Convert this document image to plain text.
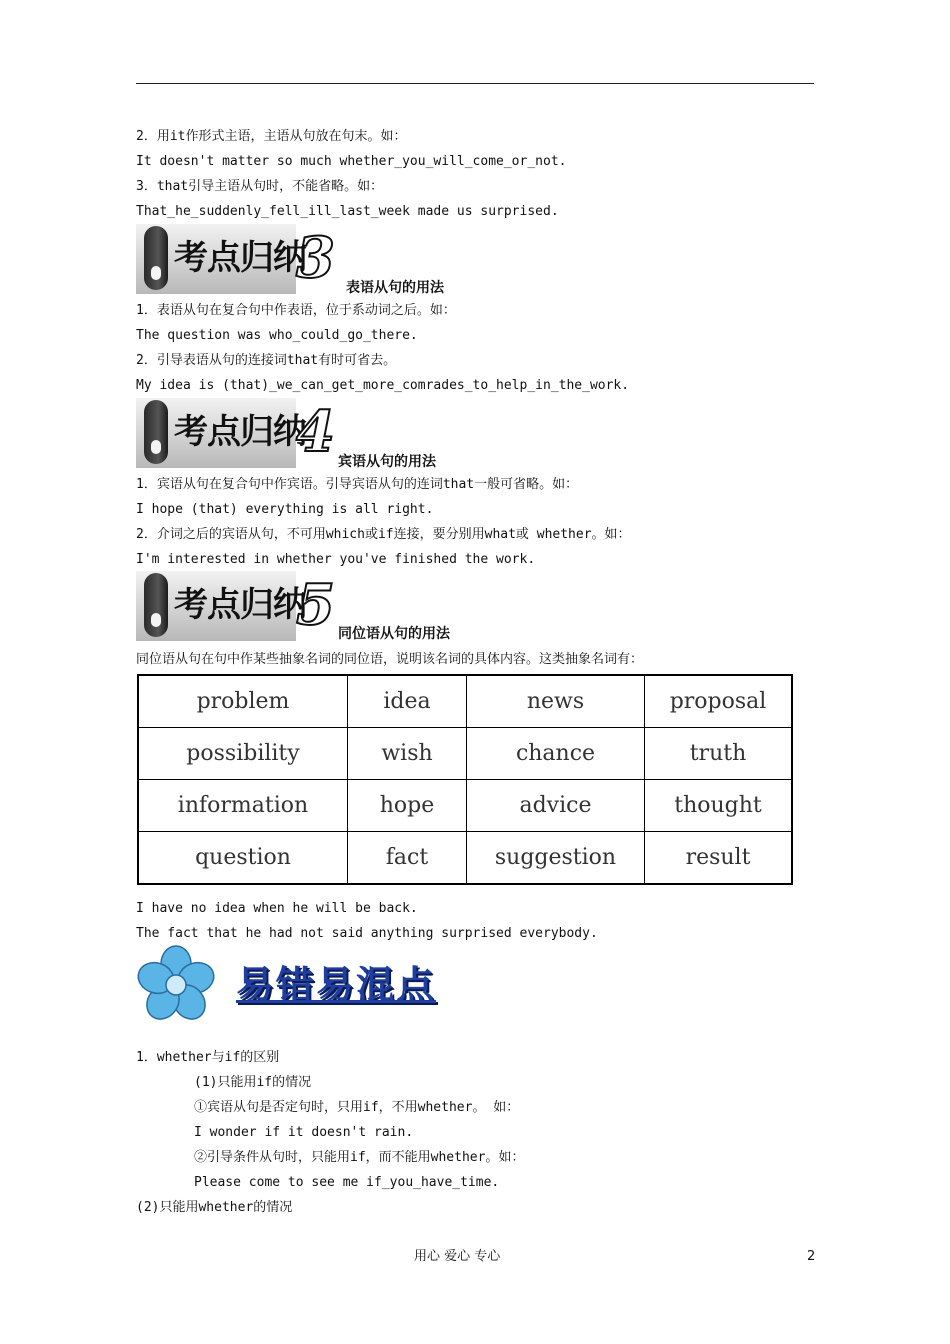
2．用it作形式主语，主语从句放在句末。如：
It doesn't matter so much whether_you_will_come_or_not.
3．that引导主语从句时，不能省略。如：
That_he_suddenly_fell_ill_last_week made us surprised.
考点归纳
3 表语从句的用法
1．表语从句在复合句中作表语，位于系动词之后。如：
The question was who_could_go_there.
2．引导表语从句的连接词that有时可省去。
My idea is (that)_we_can_get_more_comrades_to_help_in_the_work.
考点归纳
4 宾语从句的用法
1．宾语从句在复合句中作宾语。引导宾语从句的连词that一般可省略。如：
I hope (that) everything is all right.
2．介词之后的宾语从句，不可用which或if连接，要分别用what或 whether。如：
I'm interested in whether you've finished the work.
考点归纳
5 同位语从句的用法
同位语从句在句中作某些抽象名词的同位语，说明该名词的具体内容。这类抽象名词有：
problem	idea	news	proposal
possibility	wish	chance	truth
information	hope	advice	thought
question	fact	suggestion	result
I have no idea when he will be back.
The fact that he had not said anything surprised everybody.
易错易混点
1．whether与if的区别
(1)只能用if的情况
①宾语从句是否定句时，只用if，不用whether。 如：
I wonder if it doesn't rain.
②引导条件从句时，只能用if，而不能用whether。如：
Please come to see me if_you_have_time.
(2)只能用whether的情况
用心 爱心 专心	2
